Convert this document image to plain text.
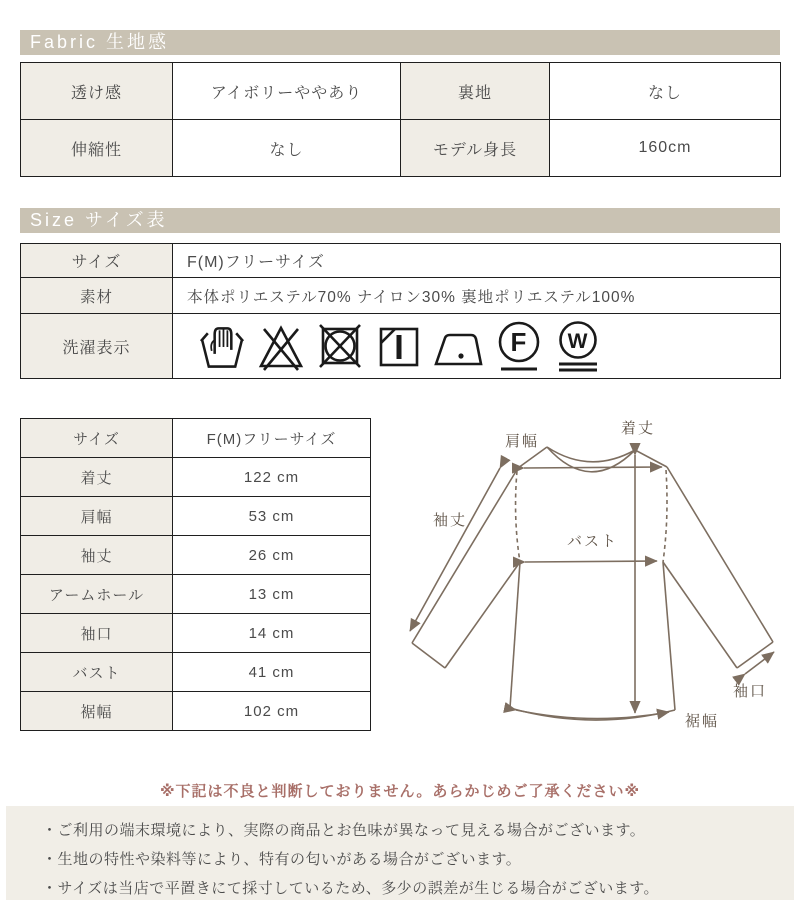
Fabric 生地感
透け感	アイボリーややあり	裏地	なし
伸縮性	なし	モデル身長	160cm
Size サイズ表
サイズ	F(M)フリーサイズ
素材	本体ポリエステル70% ナイロン30% 裏地ポリエステル100%
洗濯表示	F W
サイズ	F(M)フリーサイズ
着丈	122 cm
肩幅	53 cm
袖丈	26 cm
アームホール	13 cm
袖口	14 cm
バスト	41 cm
裾幅	102 cm
着丈
肩幅
袖丈
バスト
袖口
裾幅
※下記は不良と判断しておりません。あらかじめご了承ください※
・ご利用の端末環境により、実際の商品とお色味が異なって見える場合がございます。
・生地の特性や染料等により、特有の匂いがある場合がございます。
・サイズは当店で平置きにて採寸しているため、多少の誤差が生じる場合がございます。
